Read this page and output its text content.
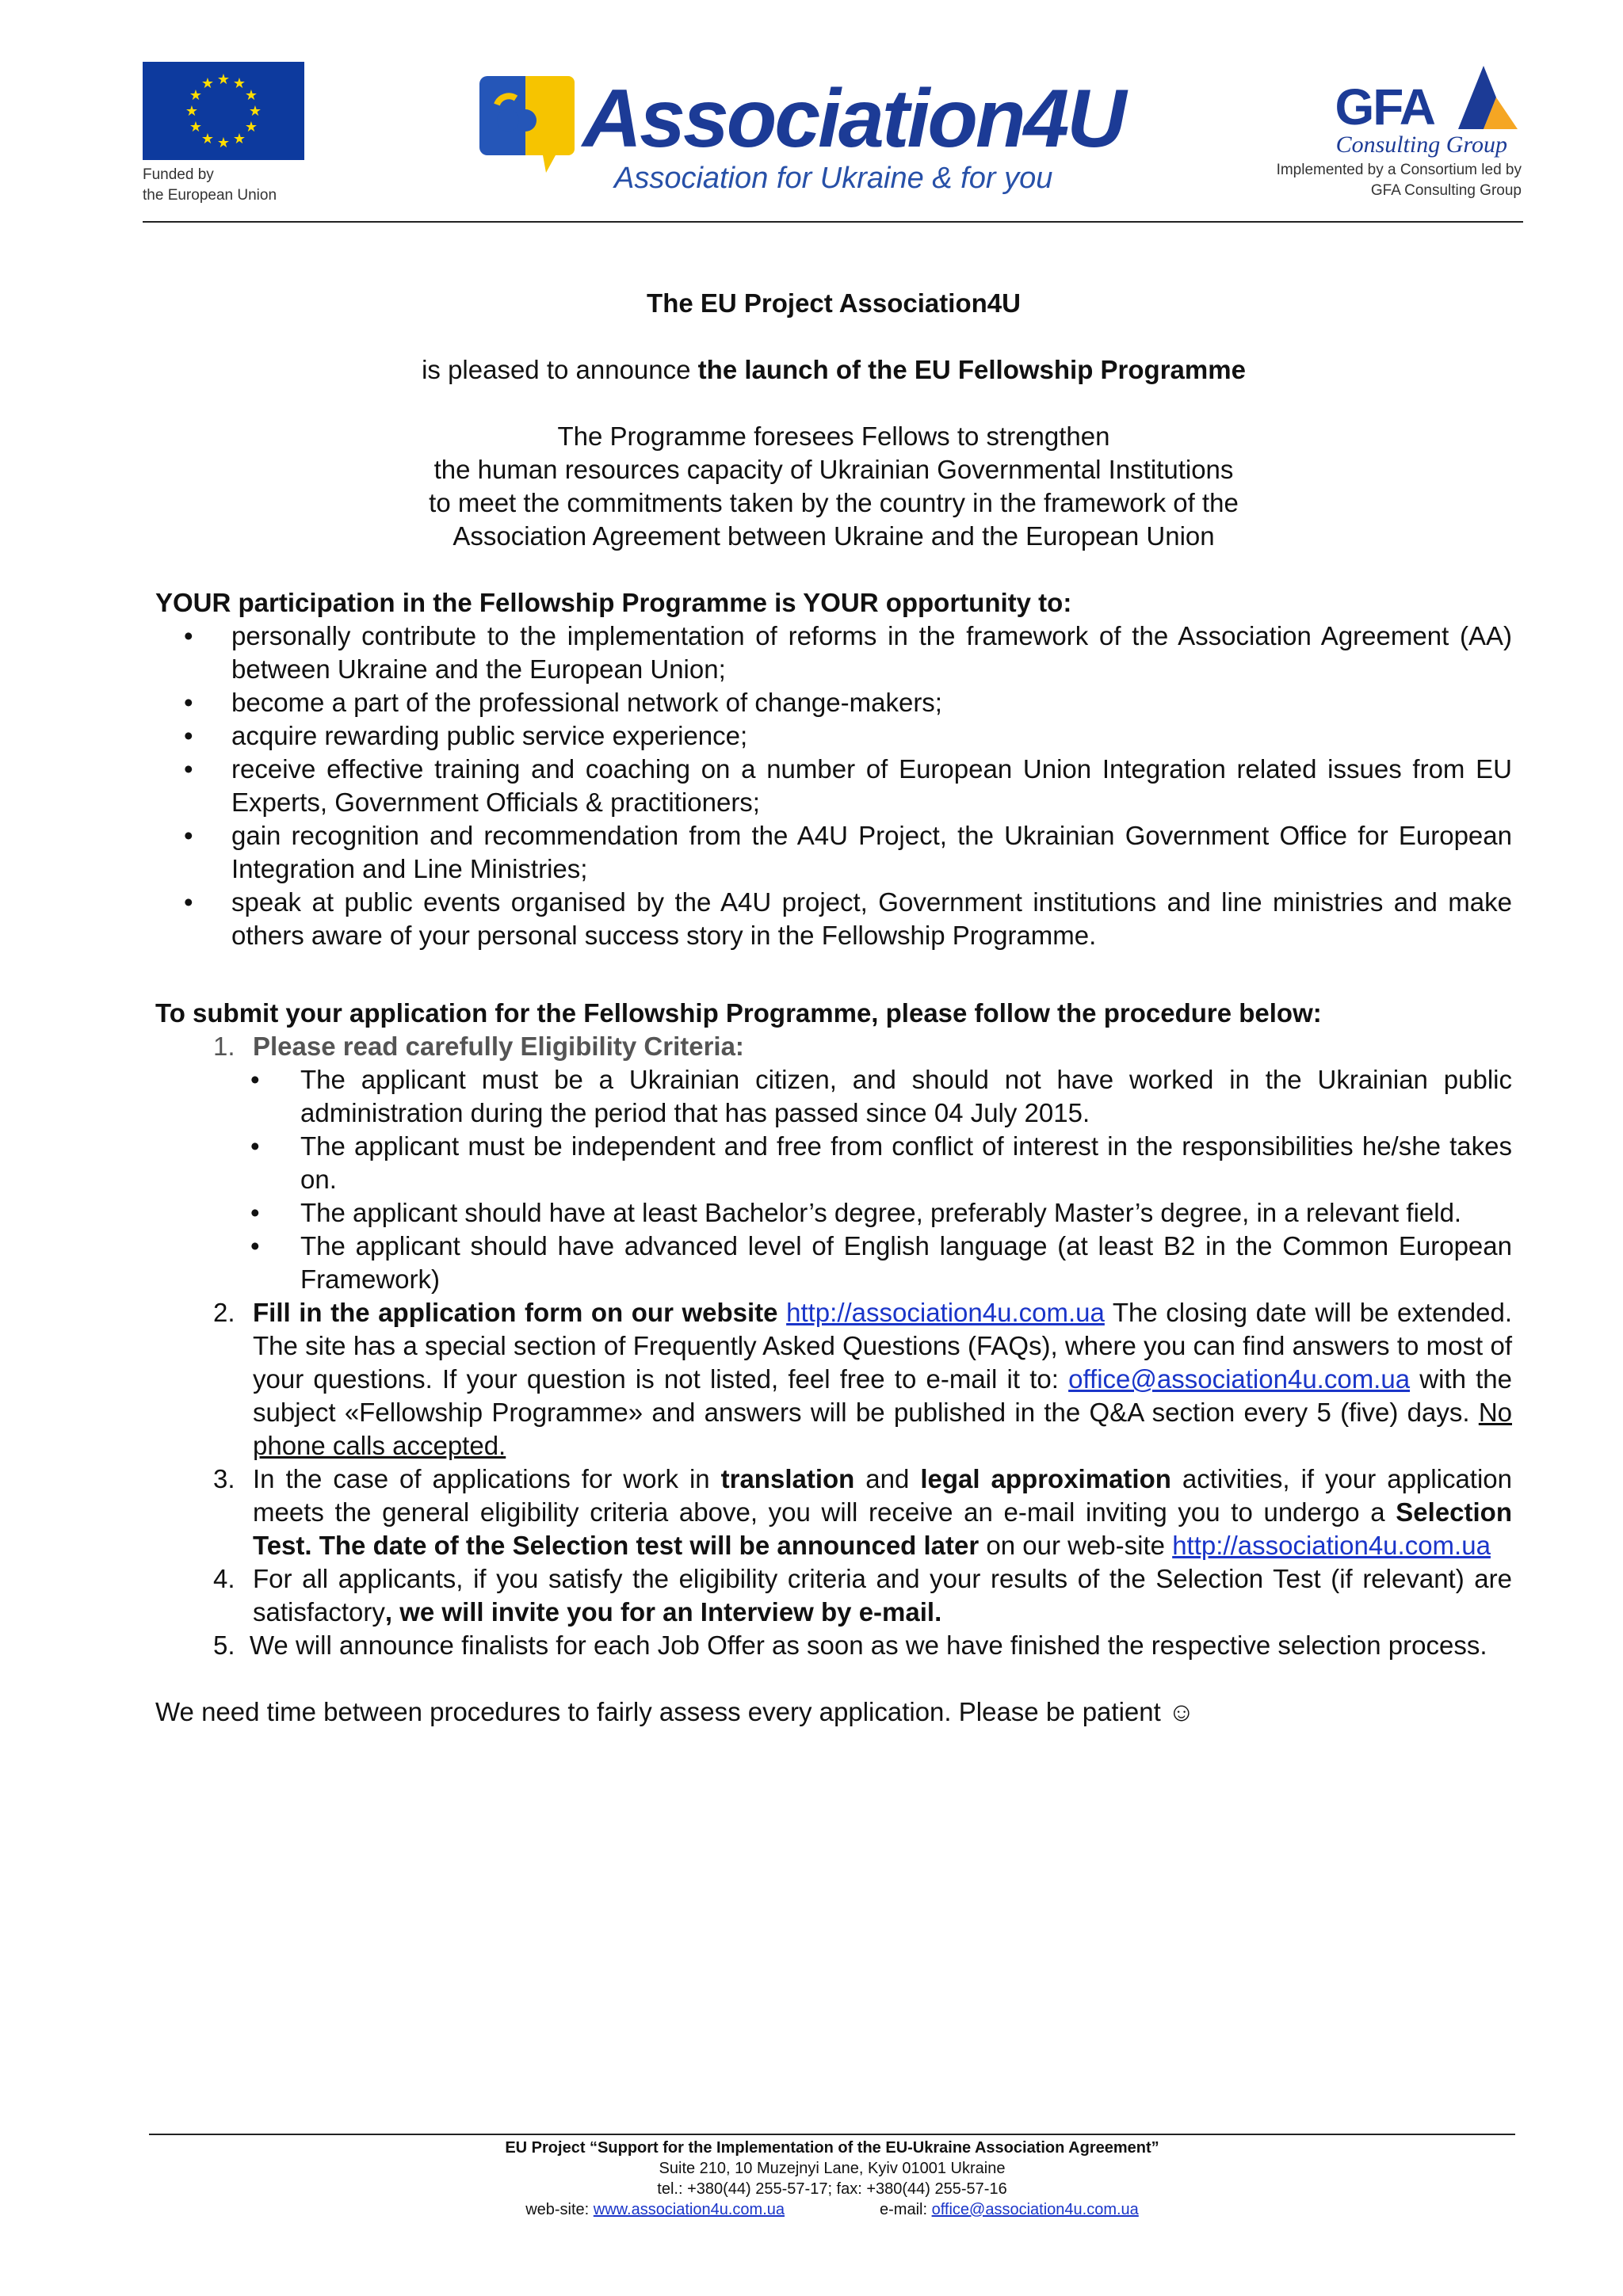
★ ★
★
★
★
★
★
★
★
★
★
★
Funded by
the European Union
Association4U
Association for Ukraine & for you
GFA
Consulting Group
Implemented by a Consortium led by
GFA Consulting Group
The EU Project Association4U
is pleased to announce the launch of the EU Fellowship Programme
The Programme foresees Fellows to strengthen
the human resources capacity of Ukrainian Governmental Institutions
to meet the commitments taken by the country in the framework of the
Association Agreement between Ukraine and the European Union
YOUR participation in the Fellowship Programme is YOUR opportunity to:
• personally contribute to the implementation of reforms in the framework of the Association Agreement (AA) between Ukraine and the European Union;
• become a part of the professional network of change-makers;
• acquire rewarding public service experience;
• receive effective training and coaching on a number of European Union Integration related issues from EU Experts, Government Officials & practitioners;
• gain recognition and recommendation from the A4U Project, the Ukrainian Government Office for European Integration and Line Ministries;
• speak at public events organised by the A4U project, Government institutions and line ministries and make others aware of your personal success story in the Fellowship Programme.
To submit your application for the Fellowship Programme, please follow the procedure below:
1. Please read carefully Eligibility Criteria:
• The applicant must be a Ukrainian citizen, and should not have worked in the Ukrainian public administration during the period that has passed since 04 July 2015.
• The applicant must be independent and free from conflict of interest in the responsibilities he/she takes on.
• The applicant should have at least Bachelor’s degree, preferably Master’s degree, in a relevant field.
• The applicant should have advanced level of English language (at least B2 in the Common European Framework)
2. Fill in the application form on our website http://association4u.com.ua The closing date will be extended. The site has a special section of Frequently Asked Questions (FAQs), where you can find answers to most of your questions. If your question is not listed, feel free to e-mail it to: office@association4u.com.ua with the subject «Fellowship Programme» and answers will be published in the Q&A section every 5 (five) days. No phone calls accepted.
3. In the case of applications for work in translation and legal approximation activities, if your application meets the general eligibility criteria above, you will receive an e-mail inviting you to undergo a Selection Test. The date of the Selection test will be announced later on our web-site http://association4u.com.ua
4. For all applicants, if you satisfy the eligibility criteria and your results of the Selection Test (if relevant) are satisfactory, we will invite you for an Interview by e-mail.
5. We will announce finalists for each Job Offer as soon as we have finished the respective selection process.
We need time between procedures to fairly assess every application. Please be patient ☺
EU Project “Support for the Implementation of the EU-Ukraine Association Agreement”
Suite 210, 10 Muzejnyi Lane, Kyiv 01001 Ukraine
tel.: +380(44) 255-57-17; fax: +380(44) 255-57-16
web-site: www.association4u.com.ua	e-mail: office@association4u.com.ua
